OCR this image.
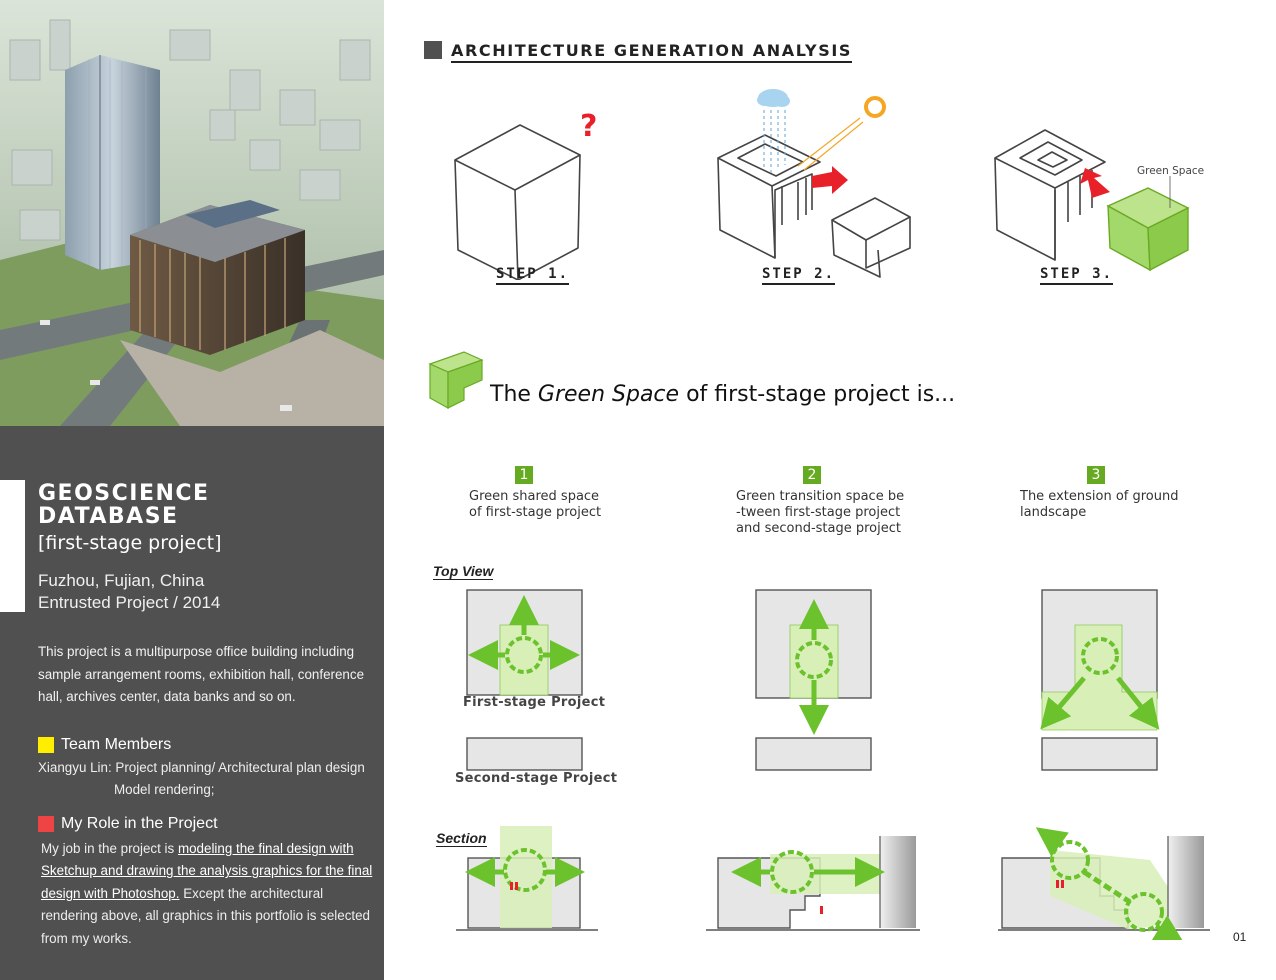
GEOSCIENCE
DATABASE
[first-stage project]
Fuzhou, Fujian, China
Entrusted Project / 2014
This project is a multipurpose office building including sample arrangement rooms, exhibition hall, conference hall, archives center, data banks and so on.
Team Members
Xiangyu Lin: Project planning/ Architectural plan design
Model rendering;
My Role in the Project
My job in the project is modeling the final design with Sketchup and drawing the analysis graphics for the final design with Photoshop. Except the architectural rendering above, all graphics in this portfolio is selected from my works.
ARCHITECTURE GENERATION ANALYSIS
?
Green Space
STEP 1.	STEP 2.	STEP 3.
The Green Space of first-stage project is...
1
Green shared space
of first-stage project
2
Green transition space be
-tween first-stage project
and second-stage project
3
The extension of ground
landscape
Top View
Section
First-stage Project
Second-stage Project
01
